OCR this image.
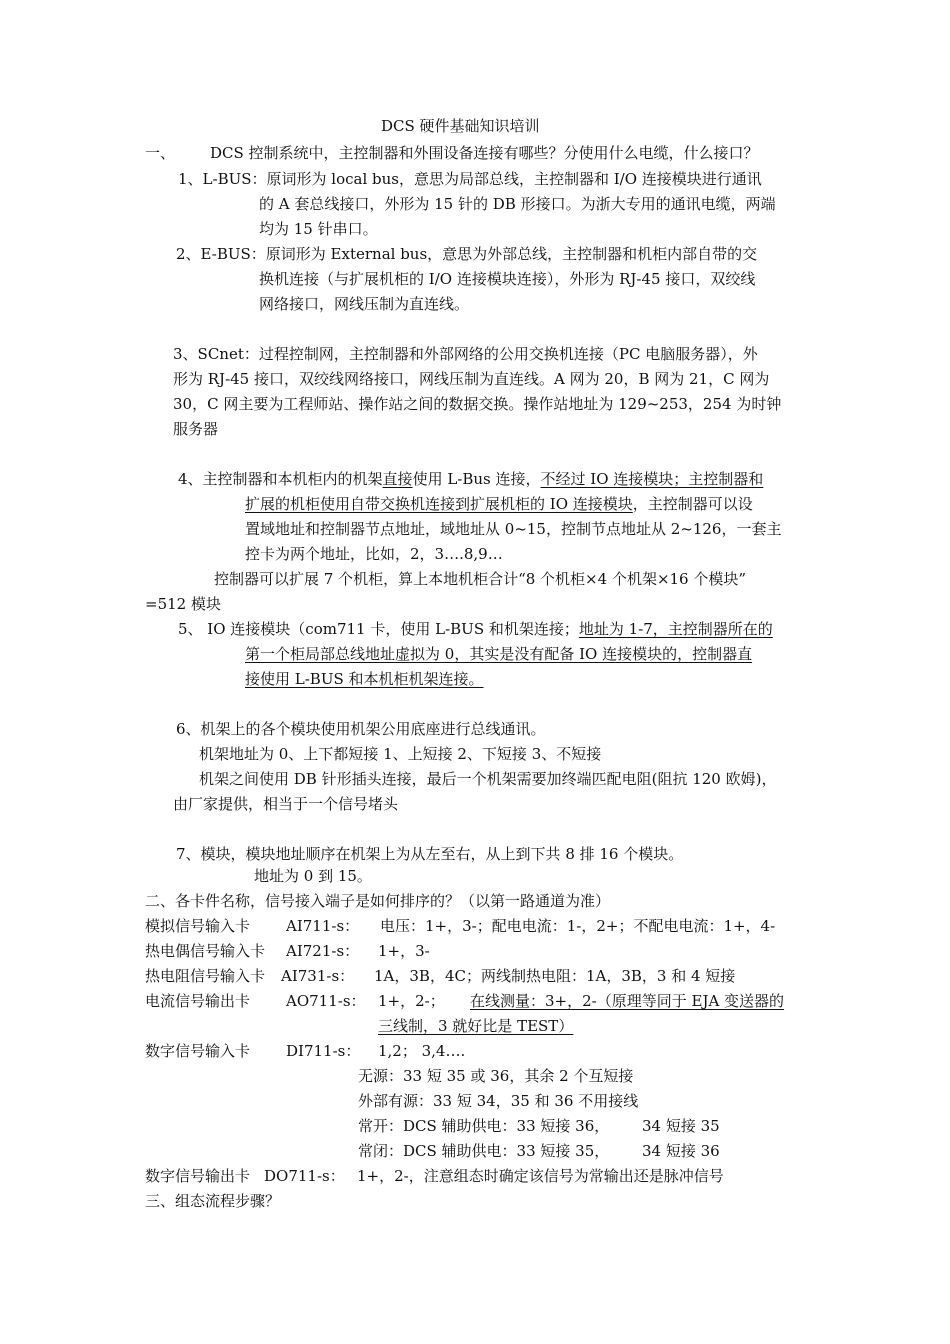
DCS 硬件基础知识培训
一、 DCS 控制系统中，主控制器和外围设备连接有哪些？分使用什么电缆，什么接口？
1、L-BUS：原词形为 local bus，意思为局部总线，主控制器和 I/O 连接模块进行通讯
的 A 套总线接口，外形为 15 针的 DB 形接口。为浙大专用的通讯电缆，两端
均为 15 针串口。
2、E-BUS：原词形为 External bus，意思为外部总线，主控制器和机柜内部自带的交
换机连接（与扩展机柜的 I/O 连接模块连接），外形为 RJ-45 接口，双绞线
网络接口，网线压制为直连线。
3、SCnet：过程控制网，主控制器和外部网络的公用交换机连接（PC 电脑服务器），外
形为 RJ-45 接口，双绞线网络接口，网线压制为直连线。A 网为 20，B 网为 21，C 网为
30，C 网主要为工程师站、操作站之间的数据交换。操作站地址为 129~253，254 为时钟
服务器
4、主控制器和本机柜内的机架直接使用 L-Bus 连接，不经过 IO 连接模块；主控制器和
扩展的机柜使用自带交换机连接到扩展机柜的 IO 连接模块，主控制器可以设
置域地址和控制器节点地址，域地址从 0~15，控制节点地址从 2~126，一套主
控卡为两个地址，比如，2，3….8,9…
控制器可以扩展 7 个机柜，算上本地机柜合计“8 个机柜×4 个机架×16 个模块”
=512 模块
5、 IO 连接模块（com711 卡，使用 L-BUS 和机架连接；地址为 1-7，主控制器所在的
第一个柜局部总线地址虚拟为 0，其实是没有配备 IO 连接模块的，控制器直
接使用 L-BUS 和本机柜机架连接。
6、机架上的各个模块使用机架公用底座进行总线通讯。
机架地址为 0、上下都短接 1、上短接 2、下短接 3、不短接
机架之间使用 DB 针形插头连接，最后一个机架需要加终端匹配电阻(阻抗 120 欧姆)，
由厂家提供，相当于一个信号堵头
7、模块，模块地址顺序在机架上为从左至右，从上到下共 8 排 16 个模块。
地址为 0 到 15。
二、各卡件名称，信号接入端子是如何排序的？（以第一路通道为准）
模拟信号输入卡 AI711-s： 电压：1+，3-；配电电流：1-，2+；不配电电流：1+，4-
热电偶信号输入卡 AI721-s： 1+，3-
热电阻信号输入卡 AI731-s： 1A，3B，4C；两线制热电阻：1A，3B，3 和 4 短接
电流信号输出卡 AO711-s： 1+，2-； 在线测量：3+，2-（原理等同于 EJA 变送器的
三线制，3 就好比是 TEST）
数字信号输入卡 DI711-s： 1,2； 3,4….
无源：33 短 35 或 36，其余 2 个互短接
外部有源：33 短 34，35 和 36 不用接线
常开：DCS 辅助供电：33 短接 36， 34 短接 35
常闭：DCS 辅助供电：33 短接 35， 34 短接 36
数字信号输出卡 DO711-s： 1+，2-，注意组态时确定该信号为常输出还是脉冲信号
三、组态流程步骤？
